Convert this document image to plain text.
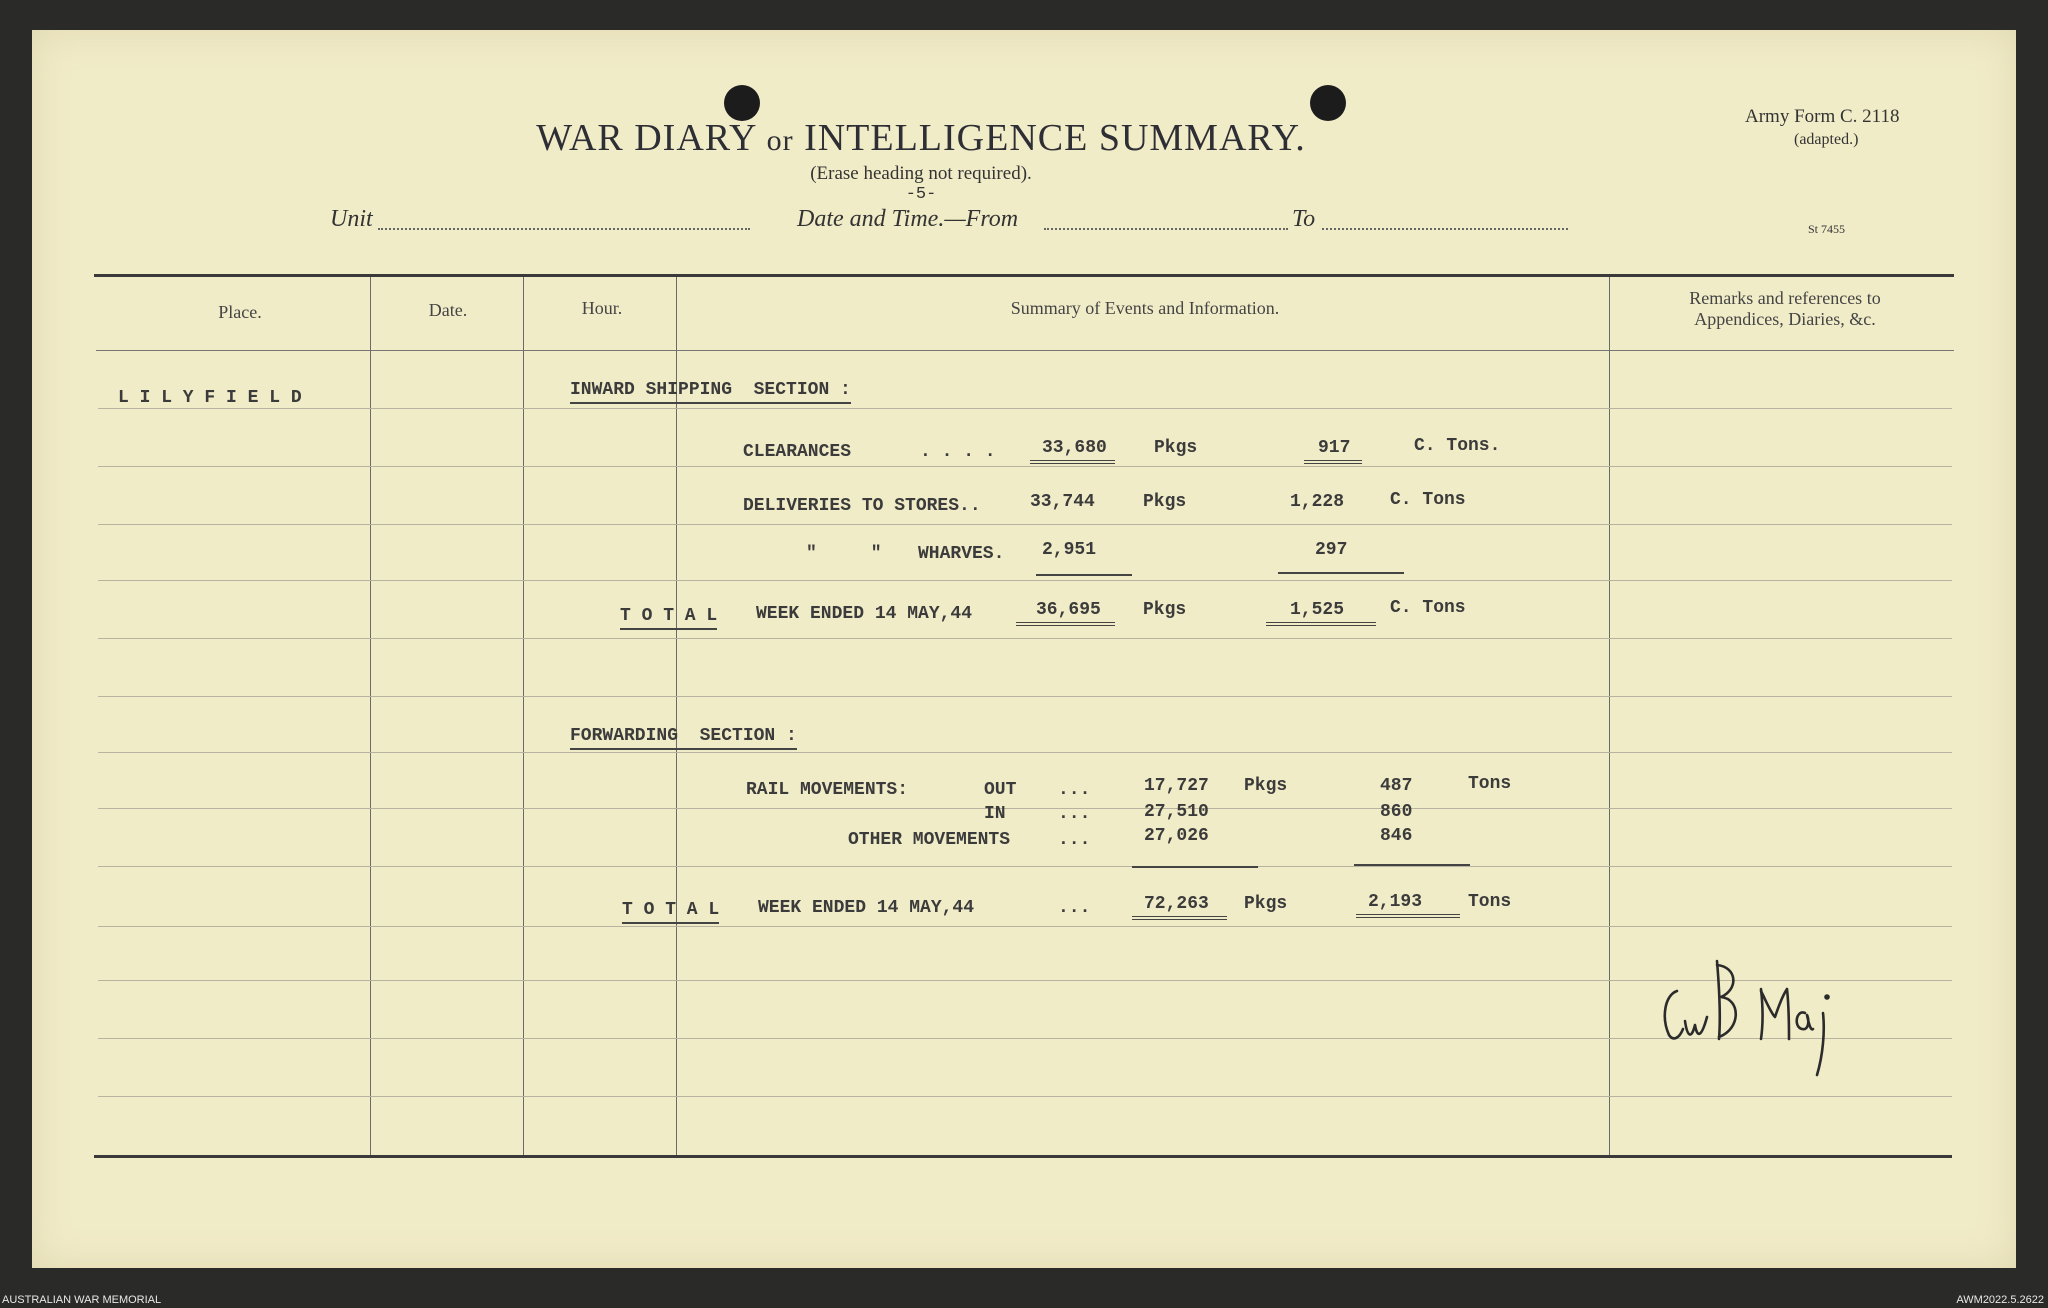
WAR DIARY or INTELLIGENCE SUMMARY.
(Erase heading not required).
-5-
Army Form C. 2118
(adapted.)
St 7455
Unit	Date and Time.—From	To
Place.	Date.	Hour.	Summary of Events and Information.	Remarks and references to
Appendices, Diaries, &c.
L I L Y F I E L D	INWARD SHIPPING  SECTION :
CLEARANCES	. . . .	33,680	Pkgs	917	C. Tons.
DELIVERIES TO STORES..	33,744	Pkgs	1,228	C. Tons
"     " WHARVES. 2,951	297
T O T A L WEEK ENDED 14 MAY,44	36,695	Pkgs	1,525	C. Tons
FORWARDING  SECTION :
RAIL MOVEMENTS:	OUT ...	17,727 Pkgs	487	Tons
IN	...	27,510	860
OTHER MOVEMENTS	...	27,026	846
T O T A L WEEK ENDED 14 MAY,44	...	72,263	Pkgs	2,193	Tons
AUSTRALIAN WAR MEMORIAL	AWM2022.5.2622
